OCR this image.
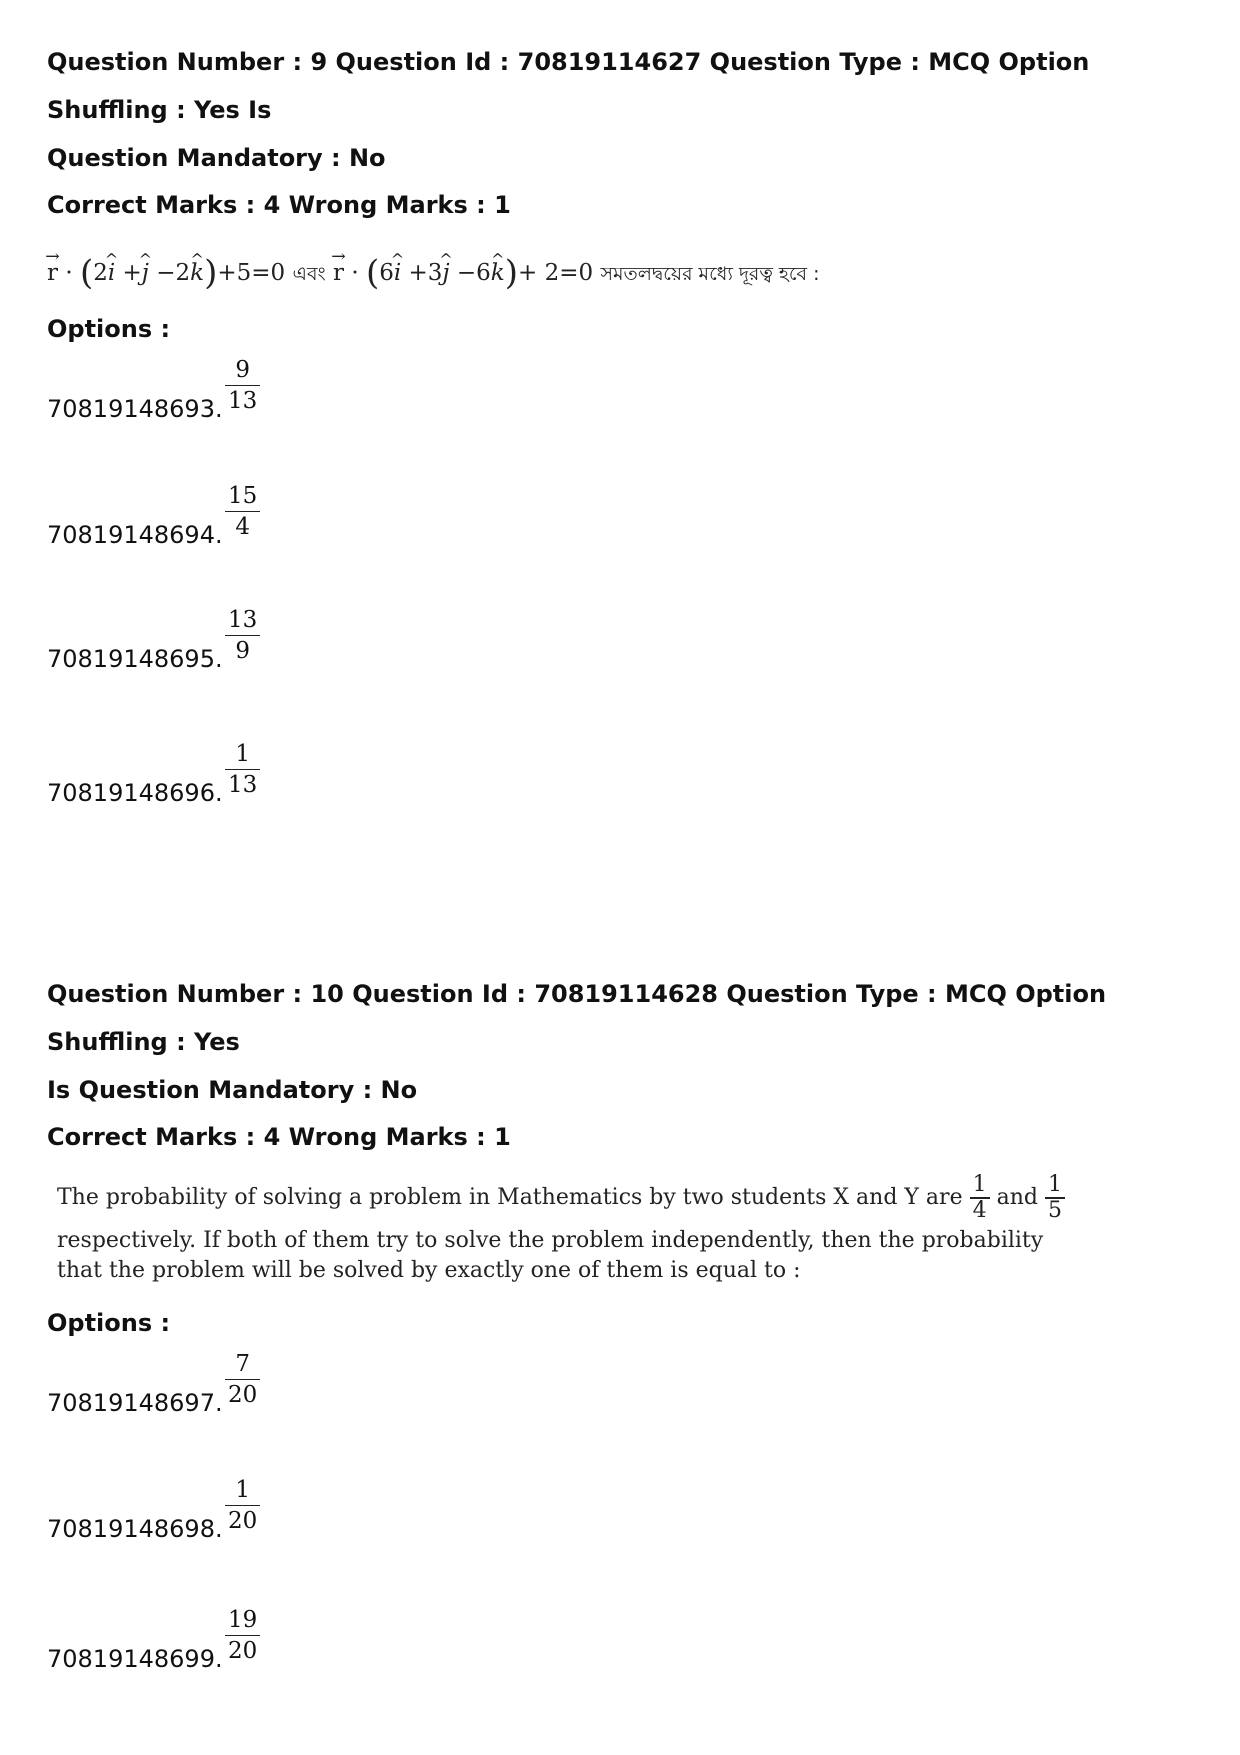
Question Number : 9 Question Id : 70819114627 Question Type : MCQ Option Shuffling : Yes Is

Question Mandatory : No

Correct Marks : 4 Wrong Marks : 1
→ r · (2^ i +^ j −2^ k)+5=0 এবং → r · (6^ i +3^ j −6^ k)+ 2=0 সমতলদ্বয়ের মধ্যে দূরত্ব হবে :
Options :
70819148693.
9
13
70819148694.
15
4
70819148695.
13
9
70819148696.
1
13

Question Number : 10 Question Id : 70819114628 Question Type : MCQ Option Shuffling : Yes

Is Question Mandatory : No

Correct Marks : 4 Wrong Marks : 1
The probability of solving a problem in Mathematics by two students X and Y are
$\frac{1}{4}$
and
$\frac{1}{5}$
respectively. If both of them try to solve the problem independently, then the probability
that the problem will be solved by exactly one of them is equal to :
Options :
70819148697.
7
20
70819148698.
1
20
70819148699.
19
20
